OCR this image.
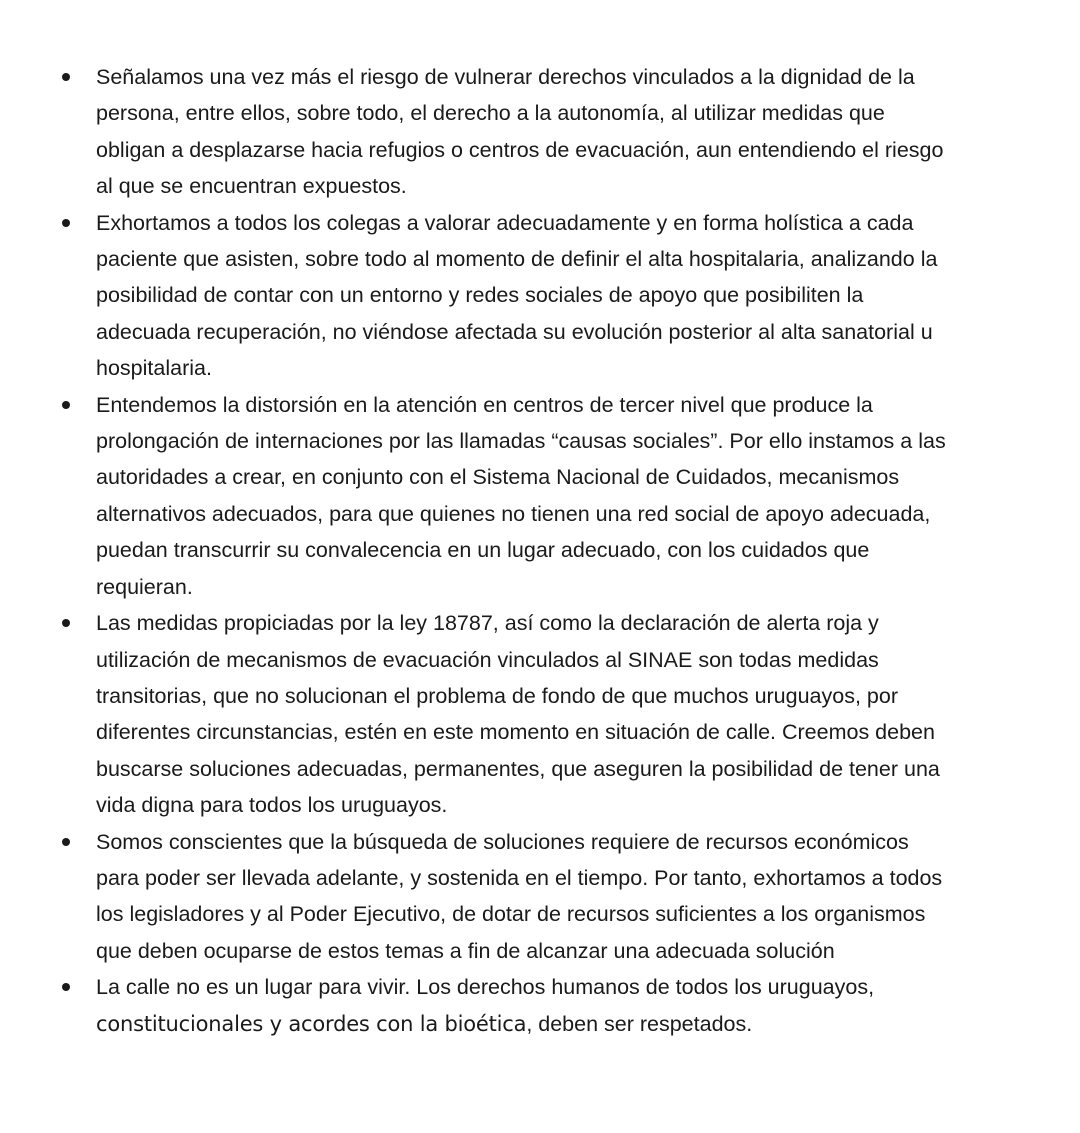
Señalamos una vez más el riesgo de vulnerar derechos vinculados a la dignidad de la persona, entre ellos, sobre todo, el derecho a la autonomía, al utilizar medidas que obligan a desplazarse hacia refugios o centros de evacuación, aun entendiendo el riesgo al que se encuentran expuestos.
Exhortamos a todos los colegas a valorar adecuadamente y en forma holística a cada paciente que asisten, sobre todo al momento de definir el alta hospitalaria, analizando la posibilidad de contar con un entorno y redes sociales de apoyo que posibiliten la adecuada recuperación, no viéndose afectada su evolución posterior al alta sanatorial u hospitalaria.
Entendemos la distorsión en la atención en centros de tercer nivel que produce la prolongación de internaciones por las llamadas “causas sociales”. Por ello instamos a las autoridades a crear, en conjunto con el Sistema Nacional de Cuidados, mecanismos alternativos adecuados, para que quienes no tienen una red social de apoyo adecuada, puedan transcurrir su convalecencia en un lugar adecuado, con los cuidados que requieran.
Las medidas propiciadas por la ley 18787, así como la declaración de alerta roja y utilización de mecanismos de evacuación vinculados al SINAE son todas medidas transitorias, que no solucionan el problema de fondo de que muchos uruguayos, por diferentes circunstancias, estén en este momento en situación de calle. Creemos deben buscarse soluciones adecuadas, permanentes, que aseguren la posibilidad de tener una vida digna para todos los uruguayos.
Somos conscientes que la búsqueda de soluciones requiere de recursos económicos para poder ser llevada adelante, y sostenida en el tiempo. Por tanto, exhortamos a todos los legisladores y al Poder Ejecutivo, de dotar de recursos suficientes a los organismos que deben ocuparse de estos temas a fin de alcanzar una adecuada solución
La calle no es un lugar para vivir. Los derechos humanos de todos los uruguayos, constitucionales y acordes con la bioética, deben ser respetados.
